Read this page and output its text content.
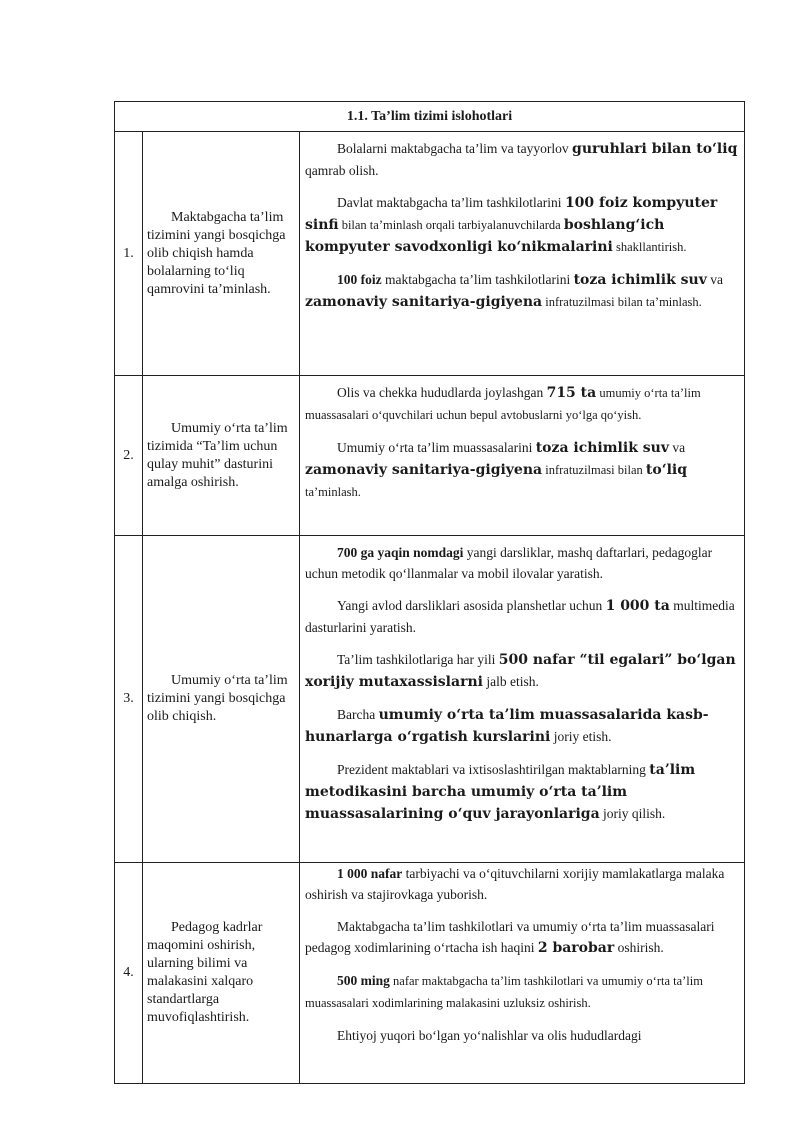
1.1. Ta’lim tizimi islohotlari		
1.	Maktabgacha ta’lim tizimini yangi bosqichga olib chiqish hamda bolalarning to‘liq qamrovini ta’minlash.	Bolalarni maktabgacha ta’lim va tayyorlov guruhlari bilan to‘liq qamrab olish.

Davlat maktabgacha ta’lim tashkilotlarini 100 foiz kompyuter sinfi bilan ta’minlash orqali tarbiyalanuvchilarda boshlang‘ich kompyuter savodxonligi ko‘nikmalarini shakllantirish.

100 foiz maktabgacha ta’lim tashkilotlarini toza ichimlik suv va zamonaviy sanitariya-gigiyena infratuzilmasi bilan ta’minlash.

2.	Umumiy o‘rta ta’lim tizimida “Ta’lim uchun qulay muhit” dasturini amalga oshirish.	Olis va chekka hududlarda joylashgan 715 ta umumiy o‘rta ta’lim muassasalari o‘quvchilari uchun bepul avtobuslarni yo‘lga qo‘yish.

Umumiy o‘rta ta’lim muassasalarini toza ichimlik suv va zamonaviy sanitariya-gigiyena infratuzilmasi bilan to‘liq ta’minlash.

3.	Umumiy o‘rta ta’lim tizimini yangi bosqichga olib chiqish.	700 ga yaqin nomdagi yangi darsliklar, mashq daftarlari, pedagoglar uchun metodik qo‘llanmalar va mobil ilovalar yaratish.

Yangi avlod darsliklari asosida planshetlar uchun 1 000 ta multimedia dasturlarini yaratish.

Ta’lim tashkilotlariga har yili 500 nafar “til egalari” bo‘lgan xorijiy mutaxassislarni jalb etish.

Barcha umumiy o‘rta ta’lim muassasalarida kasb-hunarlarga o‘rgatish kurslarini joriy etish.

Prezident maktablari va ixtisoslashtirilgan maktablarning ta’lim metodikasini barcha umumiy o‘rta ta’lim muassasalarining o‘quv jarayonlariga joriy qilish.

4.	Pedagog kadrlar maqomini oshirish, ularning bilimi va malakasini xalqaro standartlarga muvofiqlashtirish.	1 000 nafar tarbiyachi va o‘qituvchilarni xorijiy mamlakatlarga malaka oshirish va stajirovkaga yuborish.

Maktabgacha ta’lim tashkilotlari va umumiy o‘rta ta’lim muassasalari pedagog xodimlarining o‘rtacha ish haqini 2 barobar oshirish.

500 ming nafar maktabgacha ta’lim tashkilotlari va umumiy o‘rta ta’lim muassasalari xodimlarining malakasini uzluksiz oshirish.

Ehtiyoj yuqori bo‘lgan yo‘nalishlar va olis hududlardagi
